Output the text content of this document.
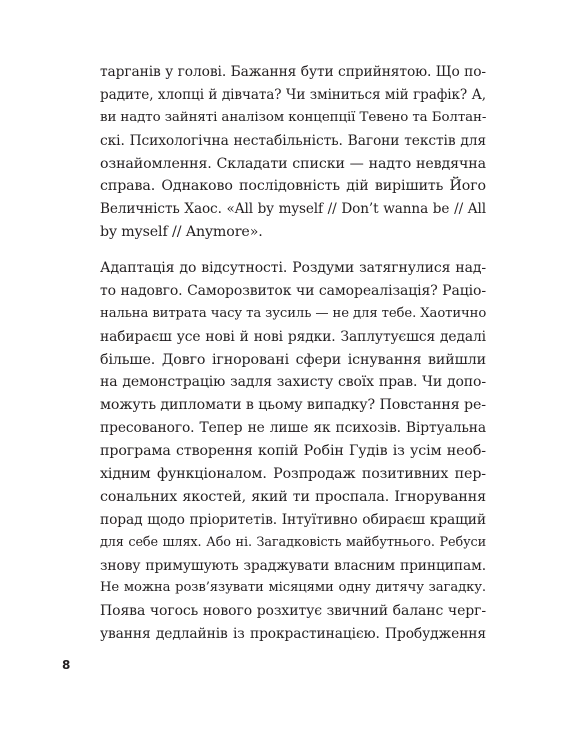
тарганів у голові. Бажання бути сприйнятою. Що по-
радите, хлопці й дівчата? Чи зміниться мій графік? А,
ви надто зайняті аналізом концепції Тевено та Болтан-
скі. Психологічна нестабільність. Вагони текстів для
ознайомлення. Складати списки — надто невдячна
справа. Однаково послідовність дій вирішить Його
Величність Хаос. «All by myself // Don’t wanna be // All
by myself // Anymore».
Адаптація до відсутності. Роздуми затягнулися над-
то надовго. Саморозвиток чи самореалізація? Раціо-
нальна витрата часу та зусиль — не для тебе. Хаотично
набираєш усе нові й нові рядки. Заплутуєшся дедалі
більше. Довго ігноровані сфери існування вийшли
на демонстрацію задля захисту своїх прав. Чи допо-
можуть дипломати в цьому випадку? Повстання ре-
пресованого. Тепер не лише як психозів. Віртуальна
програма створення копій Робін Гудів із усім необ-
хідним функціоналом. Розпродаж позитивних пер-
сональних якостей, який ти проспала. Ігнорування
порад щодо пріоритетів. Інтуїтивно обираєш кращий
для себе шлях. Або ні. Загадковість майбутнього. Ребуси
знову примушують зраджувати власним принципам.
Не можна розв’язувати місяцями одну дитячу загадку.
Поява чогось нового розхитує звичний баланс черг-
ування дедлайнів із прокрастинацією. Пробудження
8
